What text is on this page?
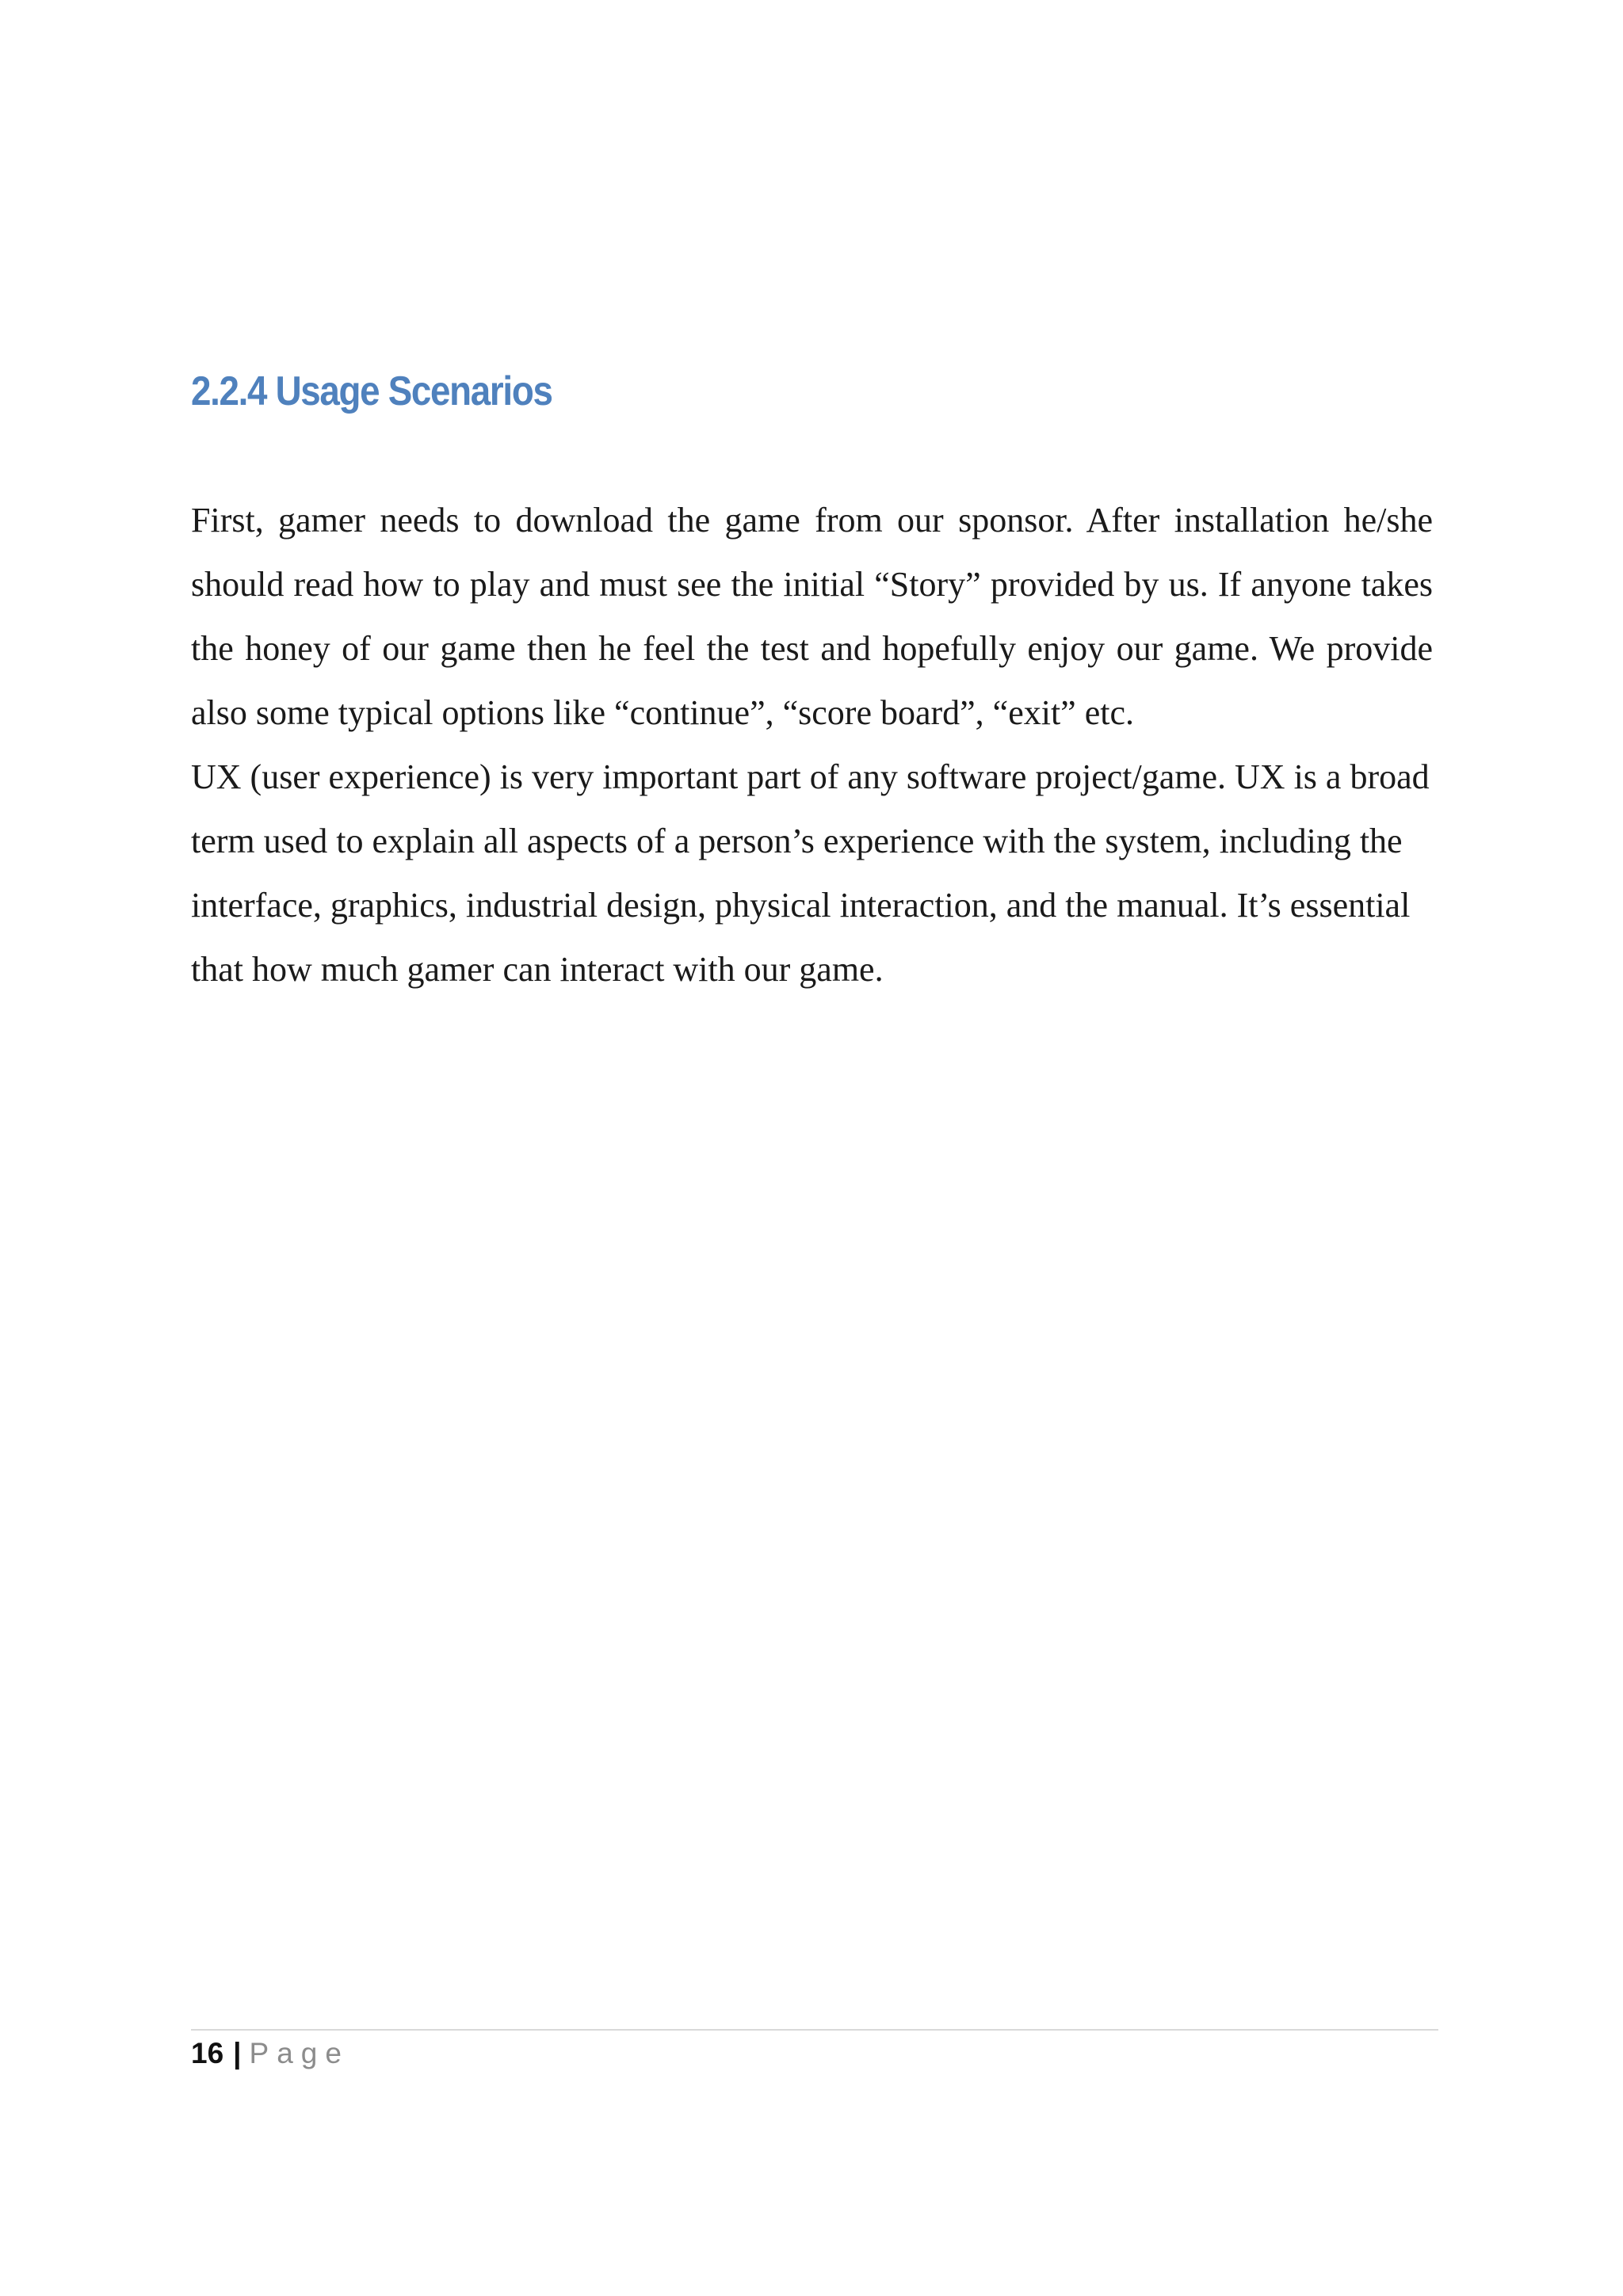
2.2.4 Usage Scenarios

First, gamer needs to download the game from our sponsor. After installation he/she should read how to play and must see the initial “Story” provided by us. If anyone takes the honey of our game then he feel the test and hopefully enjoy our game. We provide also some typical options like “continue”, “score board”, “exit” etc.

UX (user experience) is very important part of any software project/game. UX is a broad term used to explain all aspects of a person’s experience with the system, including the interface, graphics, industrial design, physical interaction, and the manual. It’s essential that how much gamer can interact with our game.

16 | Page
